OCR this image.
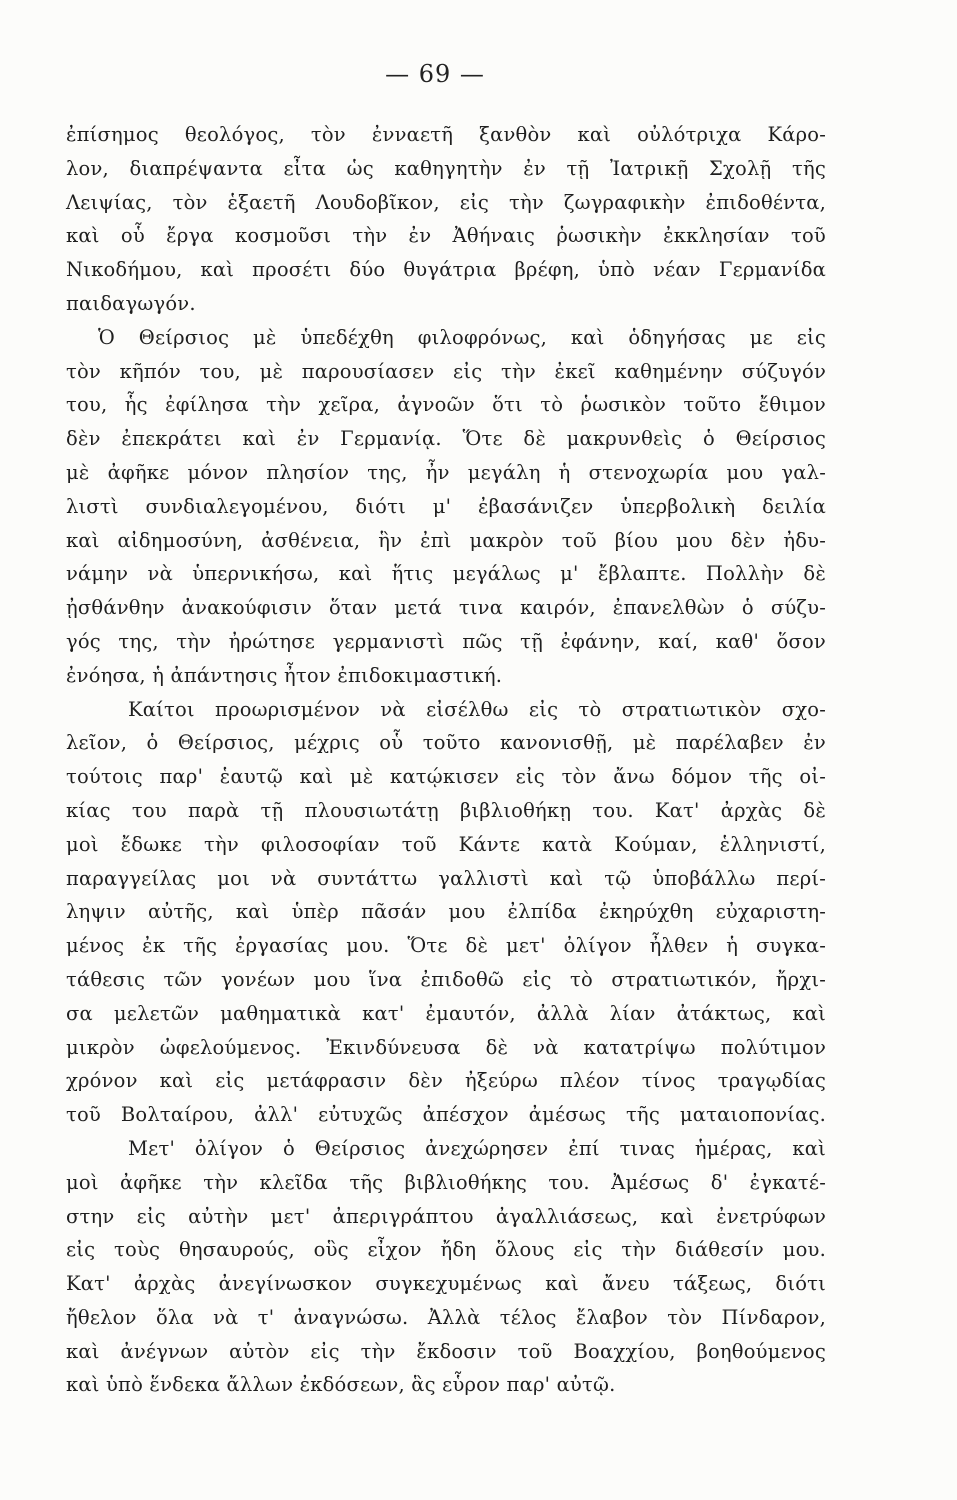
— 69 —
ἐπίσημος θεολόγος, τὸν ἐνναετῆ ξανθὸν καὶ οὐλότριχα Κάρο-
λον, διαπρέψαντα εἶτα ὡς καθηγητὴν ἐν τῇ Ἰατρικῇ Σχολῇ τῆς
Λειψίας, τὸν ἑξαετῆ Λουδοβῖκον, εἰς τὴν ζωγραφικὴν ἐπιδοθέντα,
καὶ οὗ ἔργα κοσμοῦσι τὴν ἐν Ἀθήναις ῥωσικὴν ἐκκλησίαν τοῦ
Νικοδήμου, καὶ προσέτι δύο θυγάτρια βρέφη, ὑπὸ νέαν Γερμανίδα
παιδαγωγόν.
Ὁ Θείρσιος μὲ ὑπεδέχθη φιλοφρόνως, καὶ ὁδηγήσας με εἰς
τὸν κῆπόν του, μὲ παρουσίασεν εἰς τὴν ἐκεῖ καθημένην σύζυγόν
του, ἧς ἐφίλησα τὴν χεῖρα, ἀγνοῶν ὅτι τὸ ῥωσικὸν τοῦτο ἔθιμον
δὲν ἐπεκράτει καὶ ἐν Γερμανίᾳ. Ὅτε δὲ μακρυνθεὶς ὁ Θείρσιος
μὲ ἀφῆκε μόνον πλησίον της, ἦν μεγάλη ἡ στενοχωρία μου γαλ-
λιστὶ συνδιαλεγομένου, διότι μ' ἐβασάνιζεν ὑπερβολικὴ δειλία
καὶ αἰδημοσύνη, ἀσθένεια, ἣν ἐπὶ μακρὸν τοῦ βίου μου δὲν ἠδυ-
νάμην νὰ ὑπερνικήσω, καὶ ἥτις μεγάλως μ' ἔβλαπτε. Πολλὴν δὲ
ᾐσθάνθην ἀνακούφισιν ὅταν μετά τινα καιρόν, ἐπανελθὼν ὁ σύζυ-
γός της, τὴν ἠρώτησε γερμανιστὶ πῶς τῇ ἐφάνην, καί, καθ' ὅσον
ἐνόησα, ἡ ἀπάντησις ἦτον ἐπιδοκιμαστική.
Καίτοι προωρισμένον νὰ εἰσέλθω εἰς τὸ στρατιωτικὸν σχο-
λεῖον, ὁ Θείρσιος, μέχρις οὗ τοῦτο κανονισθῇ, μὲ παρέλαβεν ἐν
τούτοις παρ' ἑαυτῷ καὶ μὲ κατῴκισεν εἰς τὸν ἄνω δόμον τῆς οἰ-
κίας του παρὰ τῇ πλουσιωτάτῃ βιβλιοθήκῃ του. Κατ' ἀρχὰς δὲ
μοὶ ἔδωκε τὴν φιλοσοφίαν τοῦ Κάντε κατὰ Κούμαν, ἑλληνιστί,
παραγγείλας μοι νὰ συντάττω γαλλιστὶ καὶ τῷ ὑποβάλλω περί-
ληψιν αὐτῆς, καὶ ὑπὲρ πᾶσάν μου ἐλπίδα ἐκηρύχθη εὐχαριστη-
μένος ἐκ τῆς ἐργασίας μου. Ὅτε δὲ μετ' ὀλίγον ἦλθεν ἡ συγκα-
τάθεσις τῶν γονέων μου ἵνα ἐπιδοθῶ εἰς τὸ στρατιωτικόν, ἤρχι-
σα μελετῶν μαθηματικὰ κατ' ἐμαυτόν, ἀλλὰ λίαν ἀτάκτως, καὶ
μικρὸν ὠφελούμενος. Ἐκινδύνευσα δὲ νὰ κατατρίψω πολύτιμον
χρόνον καὶ εἰς μετάφρασιν δὲν ἠξεύρω πλέον τίνος τραγῳδίας
τοῦ Βολταίρου, ἀλλ' εὐτυχῶς ἀπέσχον ἀμέσως τῆς ματαιοπονίας.
Μετ' ὀλίγον ὁ Θείρσιος ἀνεχώρησεν ἐπί τινας ἡμέρας, καὶ
μοὶ ἀφῆκε τὴν κλεῖδα τῆς βιβλιοθήκης του. Ἀμέσως δ' ἐγκατέ-
στην εἰς αὐτὴν μετ' ἀπεριγράπτου ἀγαλλιάσεως, καὶ ἐνετρύφων
εἰς τοὺς θησαυρούς, οὓς εἶχον ἤδη ὅλους εἰς τὴν διάθεσίν μου.
Κατ' ἀρχὰς ἀνεγίνωσκον συγκεχυμένως καὶ ἄνευ τάξεως, διότι
ἤθελον ὅλα νὰ τ' ἀναγνώσω. Ἀλλὰ τέλος ἔλαβον τὸν Πίνδαρον,
καὶ ἀνέγνων αὐτὸν εἰς τὴν ἔκδοσιν τοῦ Βοαχχίου, βοηθούμενος
καὶ ὑπὸ ἕνδεκα ἄλλων ἐκδόσεων, ἃς εὗρον παρ' αὐτῷ.
